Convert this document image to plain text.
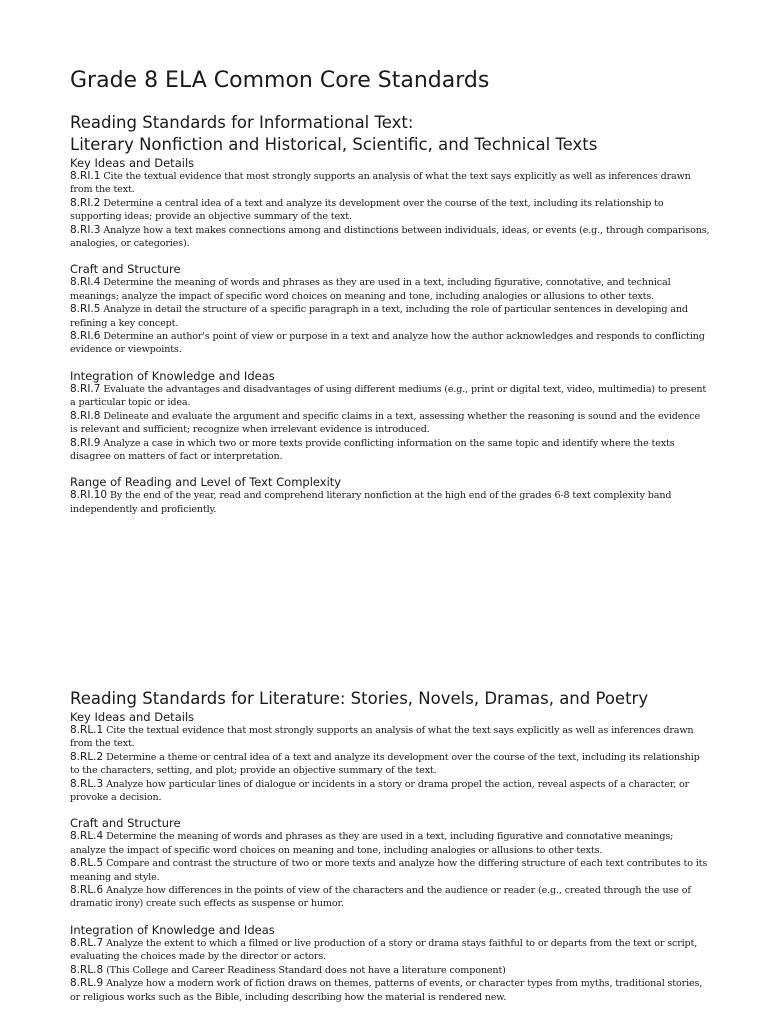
Grade 8 ELA Common Core Standards
Reading Standards for Informational Text:
Literary Nonfiction and Historical, Scientific, and Technical Texts
Key Ideas and Details

8.RI.1 Cite the textual evidence that most strongly supports an analysis of what the text says explicitly as well as inferences drawn from the text.

8.RI.2 Determine a central idea of a text and analyze its development over the course of the text, including its relationship to supporting ideas; provide an objective summary of the text.

8.RI.3 Analyze how a text makes connections among and distinctions between individuals, ideas, or events (e.g., through comparisons, analogies, or categories).

Craft and Structure

8.RI.4 Determine the meaning of words and phrases as they are used in a text, including figurative, connotative, and technical meanings; analyze the impact of specific word choices on meaning and tone, including analogies or allusions to other texts.

8.RI.5 Analyze in detail the structure of a specific paragraph in a text, including the role of particular sentences in developing and refining a key concept.

8.RI.6 Determine an author's point of view or purpose in a text and analyze how the author acknowledges and responds to conflicting evidence or viewpoints.

Integration of Knowledge and Ideas

8.RI.7 Evaluate the advantages and disadvantages of using different mediums (e.g., print or digital text, video, multimedia) to present a particular topic or idea.

8.RI.8 Delineate and evaluate the argument and specific claims in a text, assessing whether the reasoning is sound and the evidence is relevant and sufficient; recognize when irrelevant evidence is introduced.

8.RI.9 Analyze a case in which two or more texts provide conflicting information on the same topic and identify where the texts disagree on matters of fact or interpretation.

Range of Reading and Level of Text Complexity

8.RI.10 By the end of the year, read and comprehend literary nonfiction at the high end of the grades 6-8 text complexity band independently and proficiently.

Reading Standards for Literature: Stories, Novels, Dramas, and Poetry
Key Ideas and Details

8.RL.1 Cite the textual evidence that most strongly supports an analysis of what the text says explicitly as well as inferences drawn from the text.

8.RL.2 Determine a theme or central idea of a text and analyze its development over the course of the text, including its relationship to the characters, setting, and plot; provide an objective summary of the text.

8.RL.3 Analyze how particular lines of dialogue or incidents in a story or drama propel the action, reveal aspects of a character, or provoke a decision.

Craft and Structure

8.RL.4 Determine the meaning of words and phrases as they are used in a text, including figurative and connotative meanings; analyze the impact of specific word choices on meaning and tone, including analogies or allusions to other texts.

8.RL.5 Compare and contrast the structure of two or more texts and analyze how the differing structure of each text contributes to its meaning and style.

8.RL.6 Analyze how differences in the points of view of the characters and the audience or reader (e.g., created through the use of dramatic irony) create such effects as suspense or humor.

Integration of Knowledge and Ideas

8.RL.7 Analyze the extent to which a filmed or live production of a story or drama stays faithful to or departs from the text or script, evaluating the choices made by the director or actors.

8.RL.8 (This College and Career Readiness Standard does not have a literature component)

8.RL.9 Analyze how a modern work of fiction draws on themes, patterns of events, or character types from myths, traditional stories, or religious works such as the Bible, including describing how the material is rendered new.
